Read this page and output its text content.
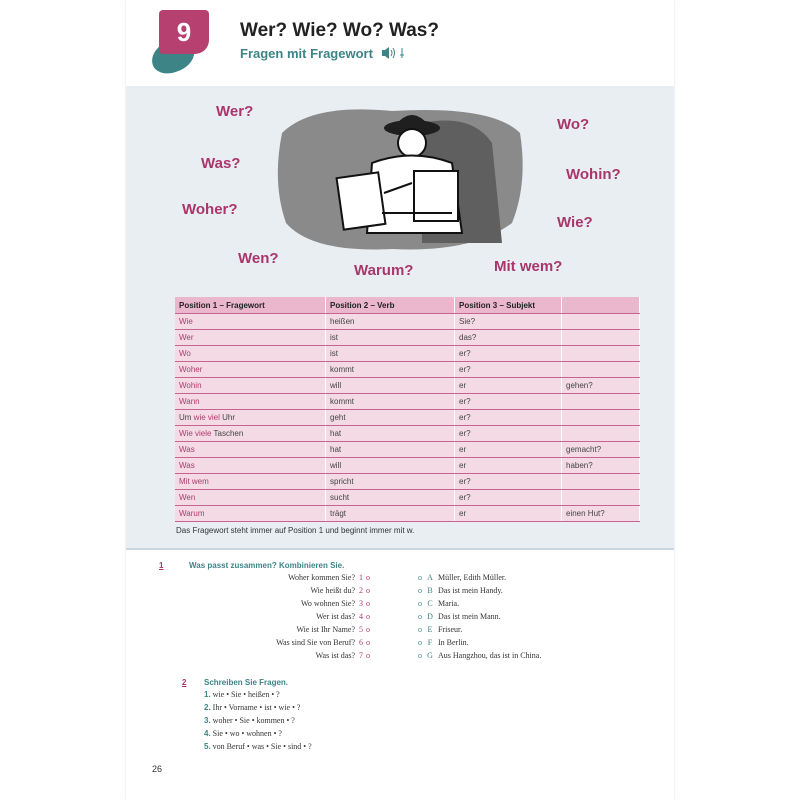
9	Wer? Wie? Wo? Was?
Fragen mit Fragewort
Wer?
Was?
Woher?
Wen?
Warum?	Mit wem?
Wie?
Wohin?
Wo?
Position 1 – Fragewort	Position 2 – Verb	Position 3 – Subjekt	
Wie	heißen	Sie?	
Wer	ist	das?	
Wo	ist	er?	
Woher	kommt	er?	
Wohin	will	er	gehen?
Wann	kommt	er?	
Um wie viel Uhr	geht	er?	
Wie viele Taschen	hat	er?	
Was	hat	er	gemacht?
Was	will	er	haben?
Mit wem	spricht	er?	
Wen	sucht	er?	
Warum	trägt	er	einen Hut?
Das Fragewort steht immer auf Position 1 und beginnt immer mit w.
1	Was passt zusammen? Kombinieren Sie.
Woher kommen Sie? 1 o
Wie heißt du? 2 o
Wo wohnen Sie? 3 o
Wer ist das? 4 o
Wie ist Ihr Name? 5 o
Was sind Sie von Beruf? 6 o
Was ist das? 7 o
o A Müller, Edith Müller.
o B Das ist mein Handy.
o C Maria.
o D Das ist mein Mann.
o E Friseur.
o F In Berlin.
o G Aus Hangzhou, das ist in China.
2 Schreiben Sie Fragen.
1. wie • Sie • heißen • ?
2. Ihr • Vorname • ist • wie • ?
3. woher • Sie • kommen • ?
4. Sie • wo • wohnen • ?
5. von Beruf • was • Sie • sind • ?
26
